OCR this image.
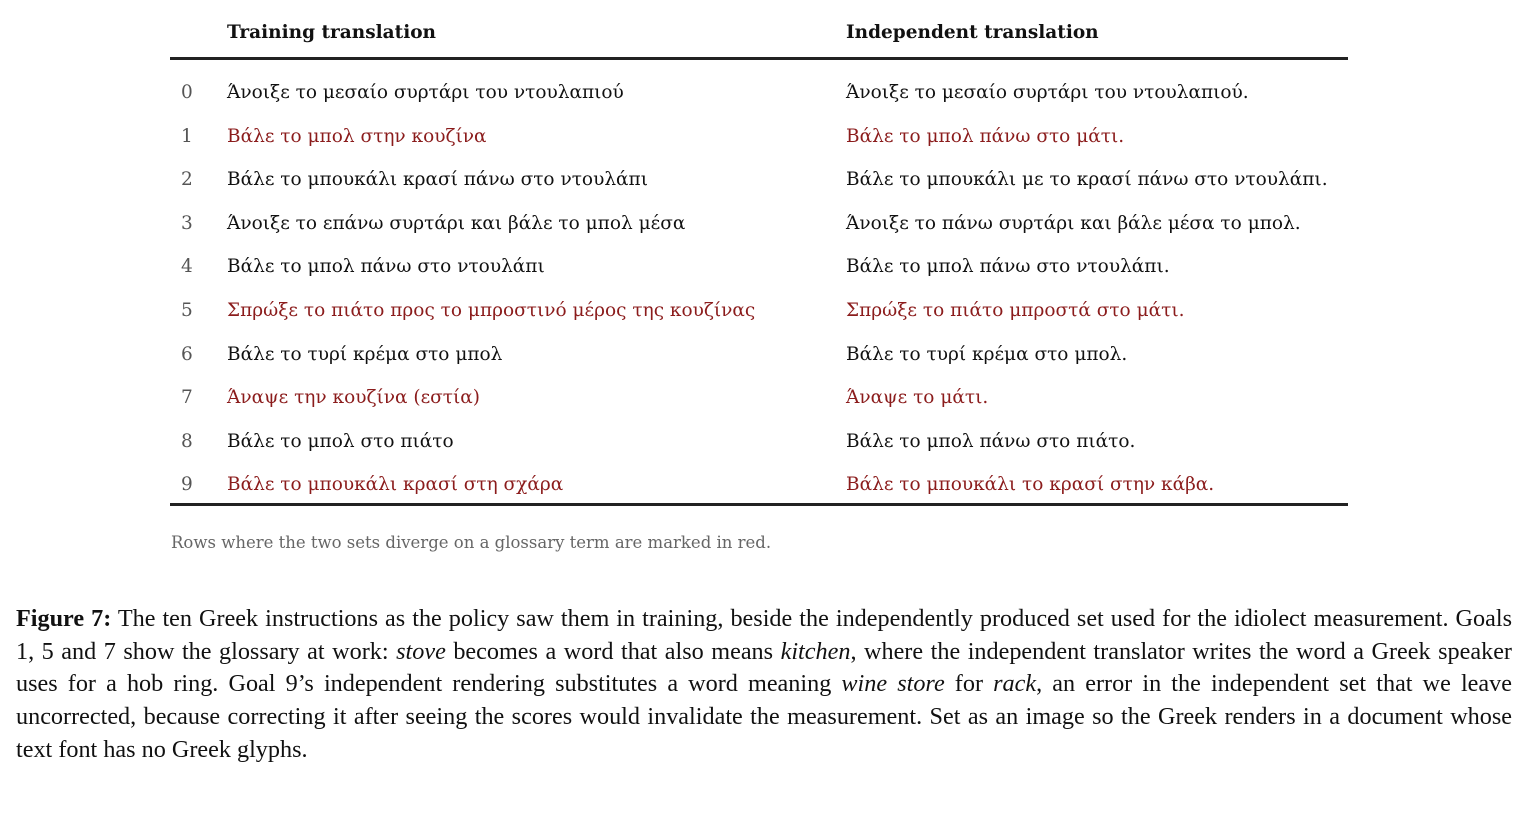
Training translation	Independent translation
0 Άνοιξε το μεσαίο συρτάρι του ντουλαπιού	Άνοιξε το μεσαίο συρτάρι του ντουλαπιού.
1 Βάλε το μπολ στην κουζίνα	Βάλε το μπολ πάνω στο μάτι.
2 Βάλε το μπουκάλι κρασί πάνω στο ντουλάπι	Βάλε το μπουκάλι με το κρασί πάνω στο ντουλάπι.
3 Άνοιξε το επάνω συρτάρι και βάλε το μπολ μέσα	Άνοιξε το πάνω συρτάρι και βάλε μέσα το μπολ.
4 Βάλε το μπολ πάνω στο ντουλάπι	Βάλε το μπολ πάνω στο ντουλάπι.
5 Σπρώξε το πιάτο προς το μπροστινό μέρος της κουζίνας	Σπρώξε το πιάτο μπροστά στο μάτι.
6 Βάλε το τυρί κρέμα στο μπολ	Βάλε το τυρί κρέμα στο μπολ.
7 Άναψε την κουζίνα (εστία)	Άναψε το μάτι.
8 Βάλε το μπολ στο πιάτο	Βάλε το μπολ πάνω στο πιάτο.
9 Βάλε το μπουκάλι κρασί στη σχάρα	Βάλε το μπουκάλι το κρασί στην κάβα.
Rows where the two sets diverge on a glossary term are marked in red.
Figure 7: The ten Greek instructions as the policy saw them in training, beside the independently produced set used for the idiolect measurement. Goals 1, 5 and 7 show the glossary at work: stove becomes a word that also means kitchen, where the independent translator writes the word a Greek speaker uses for a hob ring. Goal 9’s independent rendering substitutes a word meaning wine store for rack, an error in the independent set that we leave uncorrected, because correcting it after seeing the scores would invalidate the measurement. Set as an image so the Greek renders in a document whose text font has no Greek glyphs.
